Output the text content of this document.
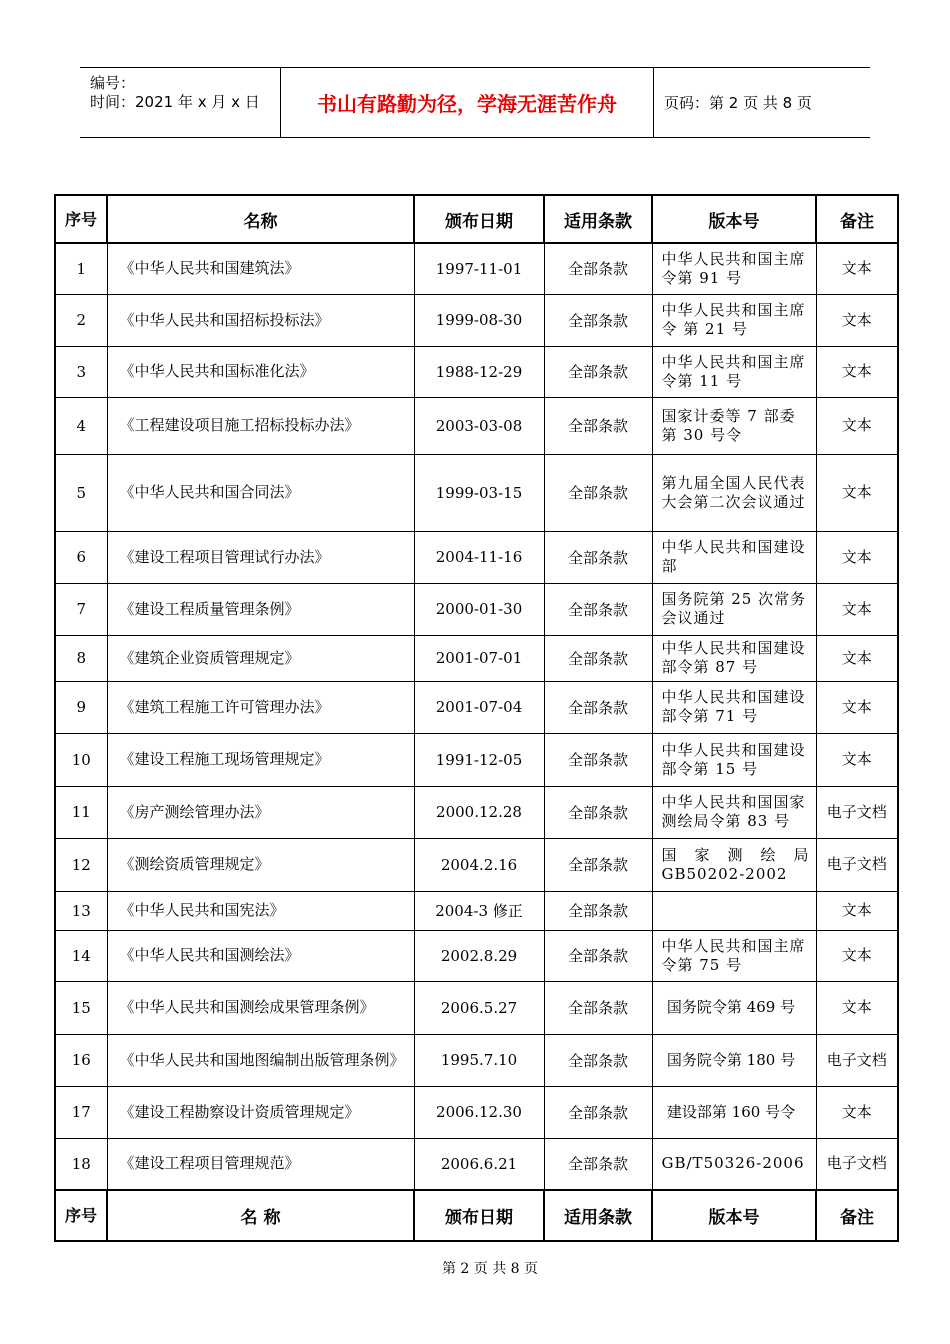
编号：
时间：2021 年 x 月 x 日	书山有路勤为径，学海无涯苦作舟	页码：第 2 页 共 8 页
序号	名称	颁布日期	适用条款	版本号	备注
1	《中华人民共和国建筑法》	1997-11-01	全部条款	中华人民共和国主席令第 91 号	文本
2	《中华人民共和国招标投标法》	1999-08-30	全部条款	中华人民共和国主席令 第 21 号	文本
3	《中华人民共和国标准化法》	1988-12-29	全部条款	中华人民共和国主席令第 11 号	文本
4	《工程建设项目施工招标投标办法》	2003-03-08	全部条款	国家计委等 7 部委第 30 号令	文本
5	《中华人民共和国合同法》	1999-03-15	全部条款	第九届全国人民代表大会第二次会议通过	文本
6	《建设工程项目管理试行办法》	2004-11-16	全部条款	中华人民共和国建设部	文本
7	《建设工程质量管理条例》	2000-01-30	全部条款	国务院第 25 次常务会议通过	文本
8	《建筑企业资质管理规定》	2001-07-01	全部条款	中华人民共和国建设部令第 87 号	文本
9	《建筑工程施工许可管理办法》	2001-07-04	全部条款	中华人民共和国建设部令第 71 号	文本
10	《建设工程施工现场管理规定》	1991-12-05	全部条款	中华人民共和国建设部令第 15 号	文本
11	《房产测绘管理办法》	2000.12.28	全部条款	中华人民共和国国家测绘局令第 83 号	电子文档
12	《测绘资质管理规定》	2004.2.16	全部条款	国家测绘局 GB50202-2002	电子文档
13	《中华人民共和国宪法》	2004-3 修正	全部条款		文本
14	《中华人民共和国测绘法》	2002.8.29	全部条款	中华人民共和国主席令第 75 号	文本
15	《中华人民共和国测绘成果管理条例》	2006.5.27	全部条款	国务院令第 469 号	文本
16	《中华人民共和国地图编制出版管理条例》	1995.7.10	全部条款	国务院令第 180 号	电子文档
17	《建设工程勘察设计资质管理规定》	2006.12.30	全部条款	建设部第 160 号令	文本
18	《建设工程项目管理规范》	2006.6.21	全部条款	GB/T50326-2006	电子文档
序号	名 称	颁布日期	适用条款	版本号	备注
第 2 页 共 8 页
